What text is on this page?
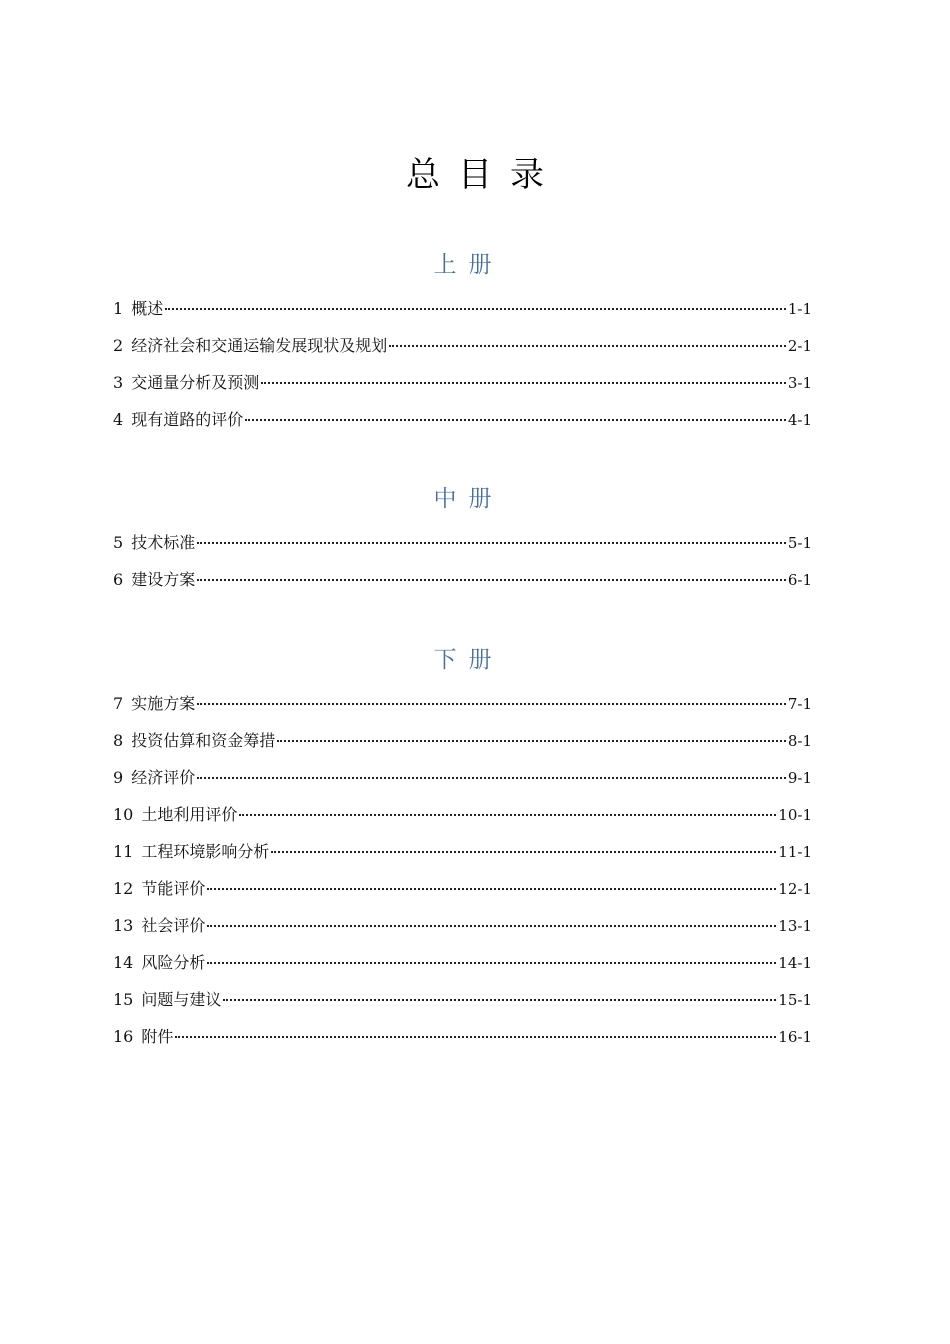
总目录
上册
1 概述	1-1
2 经济社会和交通运输发展现状及规划	2-1
3 交通量分析及预测	3-1
4 现有道路的评价	4-1
中册
5 技术标准	5-1
6 建设方案	6-1
下册
7 实施方案	7-1
8 投资估算和资金筹措	8-1
9 经济评价	9-1
10 土地利用评价	10-1
11 工程环境影响分析	11-1
12 节能评价	12-1
13 社会评价	13-1
14 风险分析	14-1
15 问题与建议	15-1
16 附件	16-1
